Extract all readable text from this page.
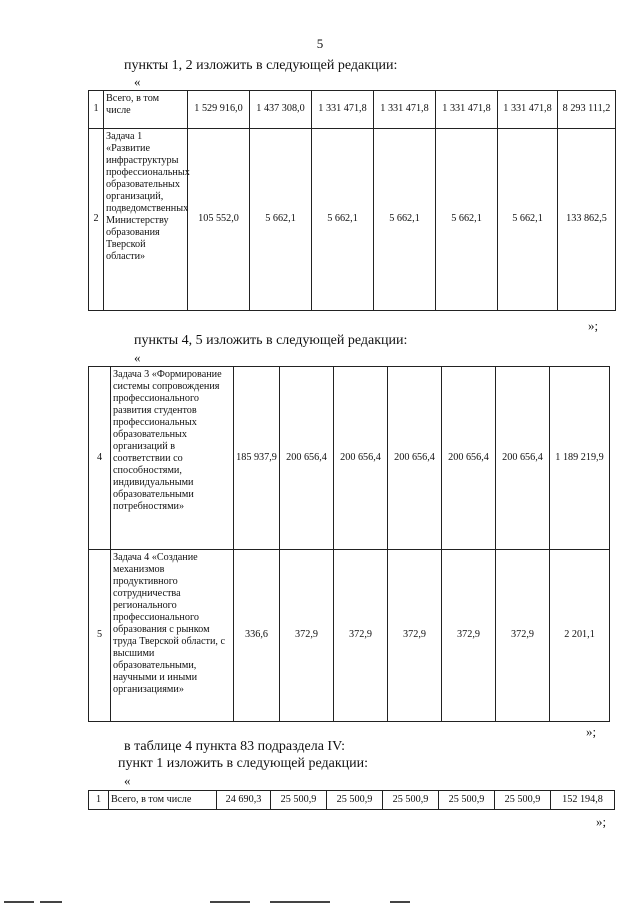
5
пункты 1, 2 изложить в следующей редакции:
«
1	Всего, в том числе	1 529 916,0	1 437 308,0	1 331 471,8	1 331 471,8	1 331 471,8	1 331 471,8	8 293 111,2
2	Задача 1 «Развитие инфраструктуры профессиональных образовательных организаций, подведомственных Министерству образования Тверской области»	105 552,0	5 662,1	5 662,1	5 662,1	5 662,1	5 662,1	133 862,5
»;
пункты 4, 5 изложить в следующей редакции:
«
4	Задача 3 «Формирование системы сопровождения профессионального развития студентов профессиональных образовательных организаций в соответствии со способностями, индивидуальными образовательными потребностями»	185 937,9	200 656,4	200 656,4	200 656,4	200 656,4	200 656,4	1 189 219,9
5	Задача 4 «Создание механизмов продуктивного сотрудничества регионального профессионального образования с рынком труда Тверской области, с высшими образовательными, научными и иными организациями»	336,6	372,9	372,9	372,9	372,9	372,9	2 201,1
»;
в таблице 4 пункта 83 подраздела IV:
пункт 1 изложить в следующей редакции:
«
1	Всего, в том числе	24 690,3	25 500,9	25 500,9	25 500,9	25 500,9	25 500,9	152 194,8
»;
